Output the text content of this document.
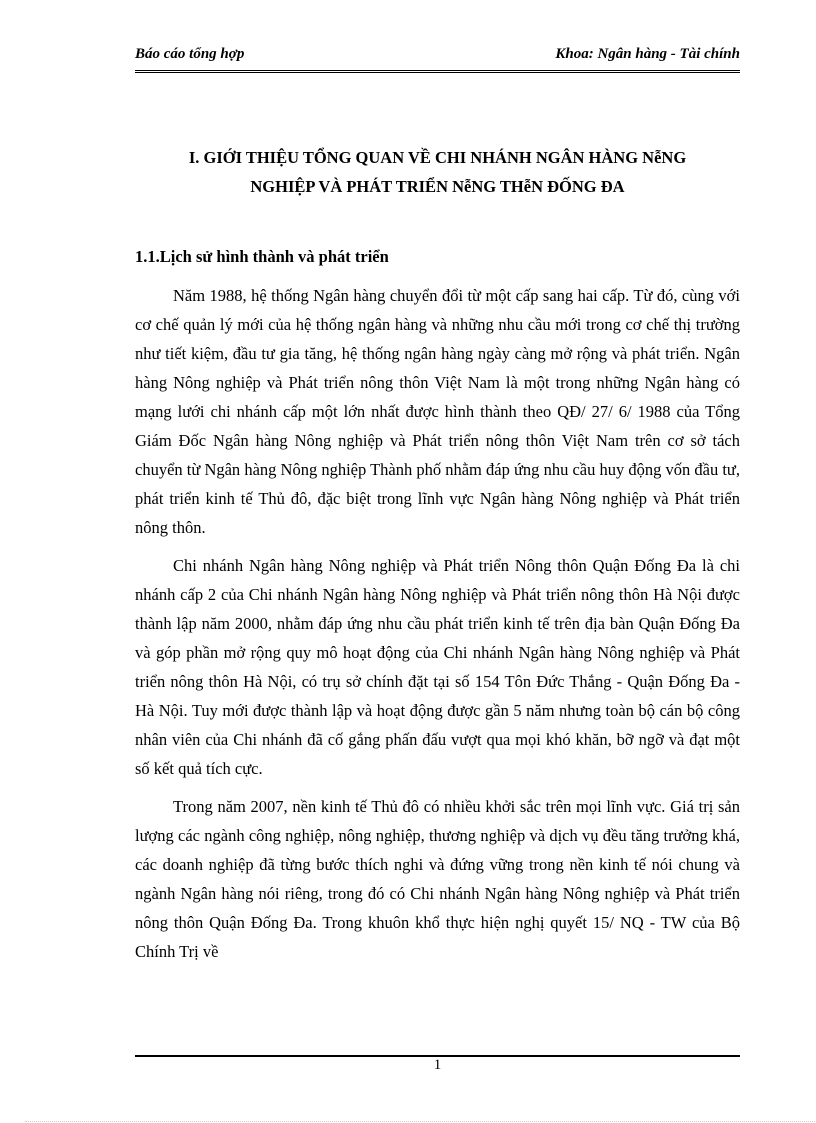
Báo cáo tổng hợp	Khoa: Ngân hàng - Tài chính
I. GIỚI THIỆU TỔNG QUAN VỀ CHI NHÁNH NGÂN HÀNG NễNG
NGHIỆP VÀ PHÁT TRIỂN NễNG THễN ĐỐNG ĐA
1.1.Lịch sử hình thành và phát triển

Năm 1988, hệ thống Ngân hàng chuyển đổi từ một cấp sang hai cấp. Từ đó, cùng với cơ chế quản lý mới của hệ thống ngân hàng và những nhu cầu mới trong cơ chế thị trường như tiết kiệm, đầu tư gia tăng, hệ thống ngân hàng ngày càng mở rộng và phát triển. Ngân hàng Nông nghiệp và Phát triển nông thôn Việt Nam là một trong những Ngân hàng có mạng lưới chi nhánh cấp một lớn nhất được hình thành theo QĐ/ 27/ 6/ 1988 của Tổng Giám Đốc Ngân hàng Nông nghiệp và Phát triển nông thôn Việt Nam trên cơ sở tách chuyển từ Ngân hàng Nông nghiệp Thành phố nhằm đáp ứng nhu cầu huy động vốn đầu tư, phát triển kinh tế Thủ đô, đặc biệt trong lĩnh vực Ngân hàng Nông nghiệp và Phát triển nông thôn.

Chi nhánh Ngân hàng Nông nghiệp và Phát triển Nông thôn Quận Đống Đa là chi nhánh cấp 2 của Chi nhánh Ngân hàng Nông nghiệp và Phát triển nông thôn Hà Nội được thành lập năm 2000, nhằm đáp ứng nhu cầu phát triển kinh tế trên địa bàn Quận Đống Đa và góp phần mở rộng quy mô hoạt động của Chi nhánh Ngân hàng Nông nghiệp và Phát triển nông thôn Hà Nội, có trụ sở chính đặt tại số 154 Tôn Đức Thắng - Quận Đống Đa - Hà Nội. Tuy mới được thành lập và hoạt động được gần 5 năm nhưng toàn bộ cán bộ công nhân viên của Chi nhánh đã cố gắng phấn đấu vượt qua mọi khó khăn, bỡ ngỡ và đạt một số kết quả tích cực.

Trong năm 2007, nền kinh tế Thủ đô có nhiều khởi sắc trên mọi lĩnh vực. Giá trị sản lượng các ngành công nghiệp, nông nghiệp, thương nghiệp và dịch vụ đều tăng trưởng khá, các doanh nghiệp đã từng bước thích nghi và đứng vững trong nền kinh tế nói chung và ngành Ngân hàng nói riêng, trong đó có Chi nhánh Ngân hàng Nông nghiệp và Phát triển nông thôn Quận Đống Đa. Trong khuôn khổ thực hiện nghị quyết 15/ NQ - TW của Bộ Chính Trị về

1
